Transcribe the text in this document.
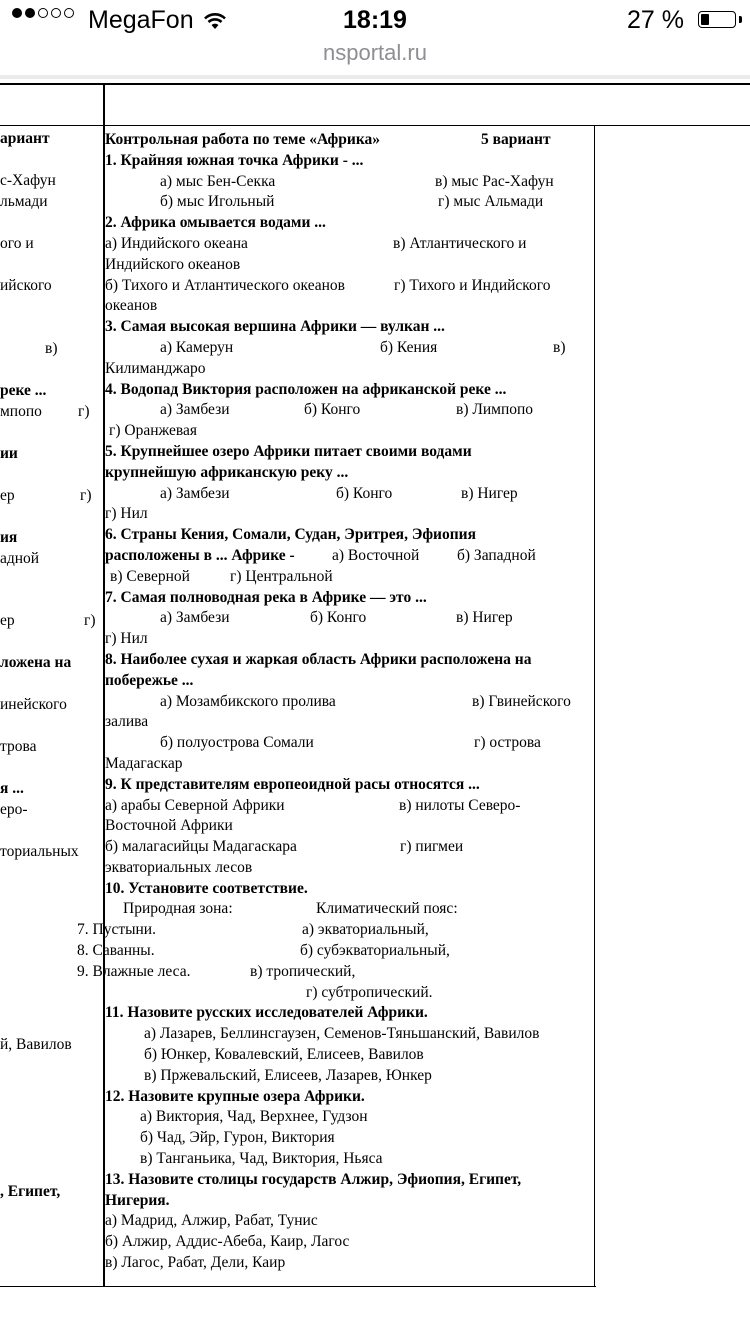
MegaFon	18:19	27 %
nsportal.ru
ариант
с-Хафун
льмади
ого и
ийского
в)
реке ...
мпопо г)
ии
ер	г)
ия
адной
ер	г)
ложена на
инейского
трова
я ...
еро-
ториальных
й, Вавилов
, Египет,
Контрольная работа по теме «Африка»	5 вариант
1. Крайняя южная точка Африки - ...
а) мыс Бен-Секка	в) мыс Рас-Хафун
б) мыс Игольный	г) мыс Альмади
2. Африка омывается водами ...
а) Индийского океана	в) Атлантического и
Индийского океанов
б) Тихого и Атлантического океанов	г) Тихого и Индийского
океанов
3. Самая высокая вершина Африки — вулкан ...
а) Камерун	б) Кения	в)
Килиманджаро
4. Водопад Виктория расположен на африканской реке ...
а) Замбези	б) Конго	в) Лимпопо
г) Оранжевая
5. Крупнейшее озеро Африки питает своими водами
крупнейшую африканскую реку ...
а) Замбези	б) Конго	в) Нигер
г) Нил
6. Страны Кения, Сомали, Судан, Эритрея, Эфиопия
расположены в ... Африке - а) Восточной б) Западной
в) Северной	г) Центральной
7. Самая полноводная река в Африке — это ...
а) Замбези	б) Конго	в) Нигер
г) Нил
8. Наиболее сухая и жаркая область Африки расположена на
побережье ...
а) Мозамбикского пролива	в) Гвинейского
залива
б) полуострова Сомали	г) острова
Мадагаскар
9. К представителям европеоидной расы относятся ...
а) арабы Северной Африки	в) нилоты Северо-
Восточной Африки
б) малагасийцы Мадагаскара	г) пигмеи
экваториальных лесов
10. Установите соответствие.
Природная зона:	Климатический пояс:
7. Пустыни.	а) экваториальный,
8. Саванны.	б) субэкваториальный,
9. Влажные леса.	в) тропический,
г) субтропический.
11. Назовите русских исследователей Африки.
а) Лазарев, Беллинсгаузен, Семенов-Тяньшанский, Вавилов
б) Юнкер, Ковалевский, Елисеев, Вавилов
в) Пржевальский, Елисеев, Лазарев, Юнкер
12. Назовите крупные озера Африки.
а) Виктория, Чад, Верхнее, Гудзон
б) Чад, Эйр, Гурон, Виктория
в) Танганьика, Чад, Виктория, Ньяса
13. Назовите столицы государств Алжир, Эфиопия, Египет,
Нигерия.
а) Мадрид, Алжир, Рабат, Тунис
б) Алжир, Аддис-Абеба, Каир, Лагос
в) Лагос, Рабат, Дели, Каир
